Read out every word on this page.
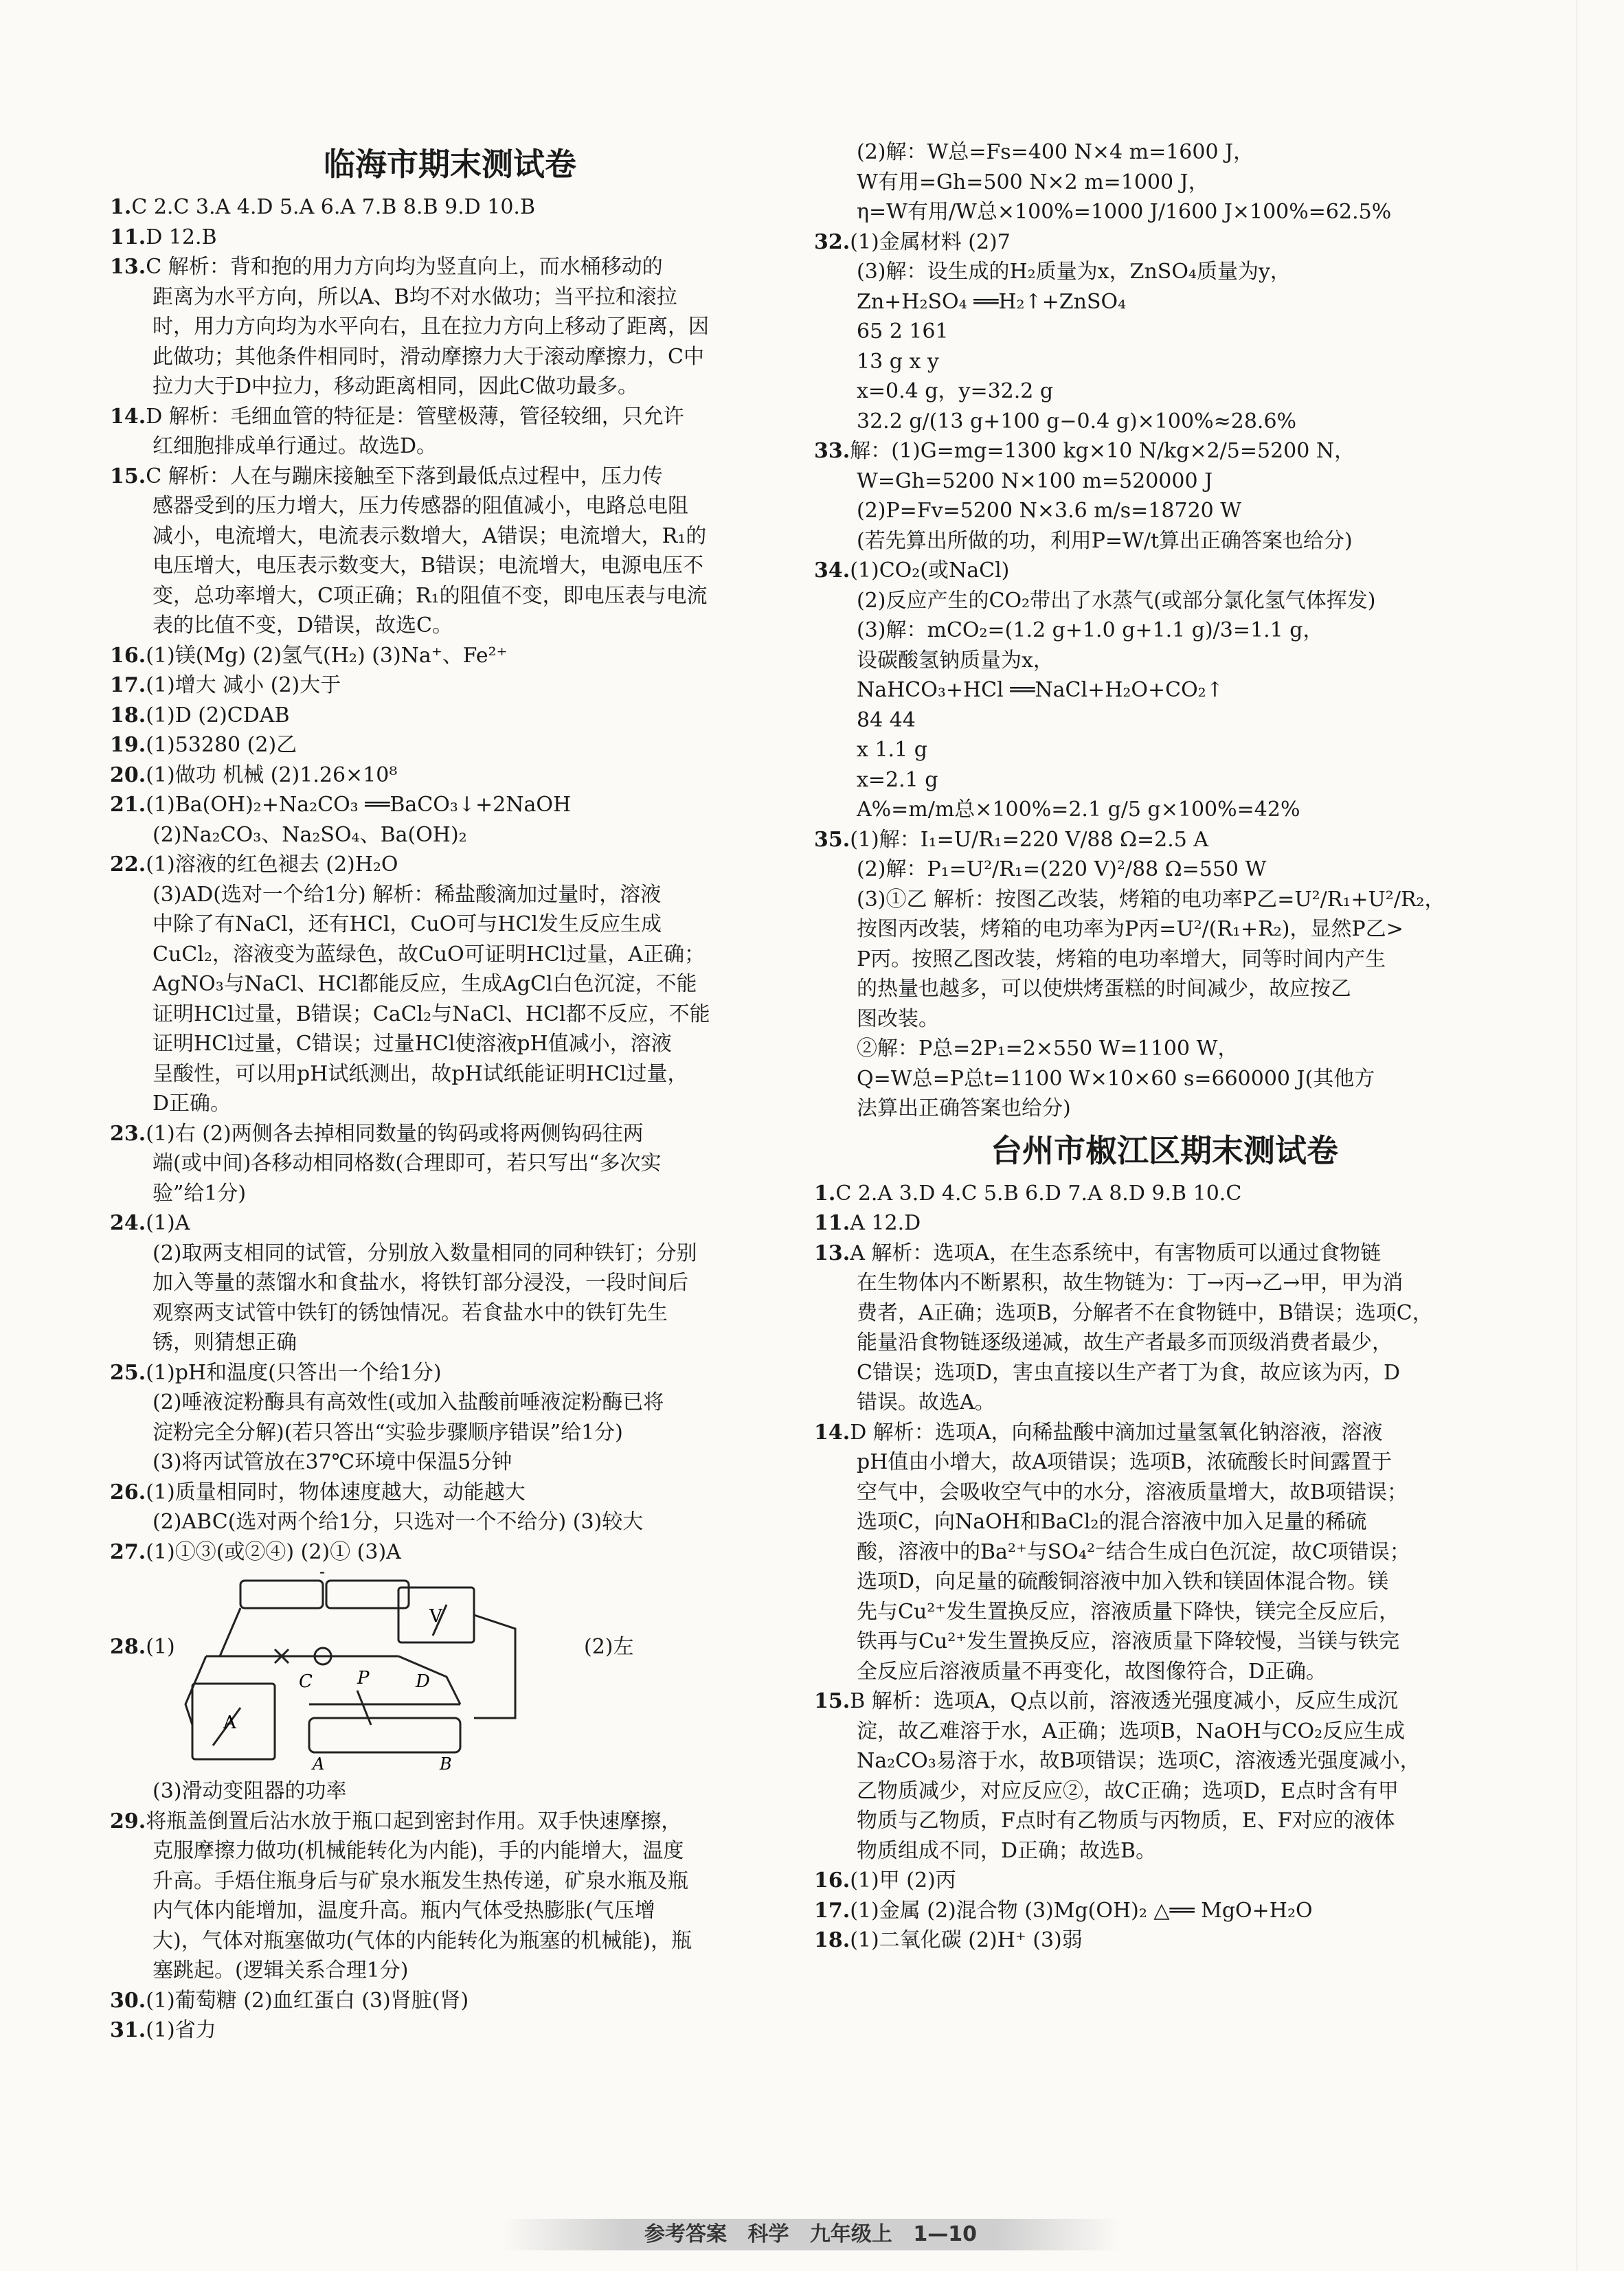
临海市期末测试卷
1.C 2.C 3.A 4.D 5.A 6.A 7.B 8.B 9.D 10.B
11.D 12.B
13.C 解析：背和抱的用力方向均为竖直向上，而水桶移动的
距离为水平方向，所以A、B均不对水做功；当平拉和滚拉
时，用力方向均为水平向右，且在拉力方向上移动了距离，因
此做功；其他条件相同时，滑动摩擦力大于滚动摩擦力，C中
拉力大于D中拉力，移动距离相同，因此C做功最多。
14.D 解析：毛细血管的特征是：管壁极薄，管径较细，只允许
红细胞排成单行通过。故选D。
15.C 解析：人在与蹦床接触至下落到最低点过程中，压力传
感器受到的压力增大，压力传感器的阻值减小，电路总电阻
减小，电流增大，电流表示数增大，A错误；电流增大，R₁的
电压增大，电压表示数变大，B错误；电流增大，电源电压不
变，总功率增大，C项正确；R₁的阻值不变，即电压表与电流
表的比值不变，D错误，故选C。
16.(1)镁(Mg) (2)氢气(H₂) (3)Na⁺、Fe²⁺
17.(1)增大 减小 (2)大于
18.(1)D (2)CDAB
19.(1)53280 (2)乙
20.(1)做功 机械 (2)1.26×10⁸
21.(1)Ba(OH)₂+Na₂CO₃ ══BaCO₃↓+2NaOH
(2)Na₂CO₃、Na₂SO₄、Ba(OH)₂
22.(1)溶液的红色褪去 (2)H₂O
(3)AD(选对一个给1分) 解析：稀盐酸滴加过量时，溶液
中除了有NaCl，还有HCl，CuO可与HCl发生反应生成
CuCl₂，溶液变为蓝绿色，故CuO可证明HCl过量，A正确；
AgNO₃与NaCl、HCl都能反应，生成AgCl白色沉淀，不能
证明HCl过量，B错误；CaCl₂与NaCl、HCl都不反应，不能
证明HCl过量，C错误；过量HCl使溶液pH值减小，溶液
呈酸性，可以用pH试纸测出，故pH试纸能证明HCl过量，
D正确。
23.(1)右 (2)两侧各去掉相同数量的钩码或将两侧钩码往两
端(或中间)各移动相同格数(合理即可，若只写出“多次实
验”给1分)
24.(1)A
(2)取两支相同的试管，分别放入数量相同的同种铁钉；分别
加入等量的蒸馏水和食盐水，将铁钉部分浸没，一段时间后
观察两支试管中铁钉的锈蚀情况。若食盐水中的铁钉先生
锈，则猜想正确
25.(1)pH和温度(只答出一个给1分)
(2)唾液淀粉酶具有高效性(或加入盐酸前唾液淀粉酶已将
淀粉完全分解)(若只答出“实验步骤顺序错误”给1分)
(3)将丙试管放在37℃环境中保温5分钟
26.(1)质量相同时，物体速度越大，动能越大
(2)ABC(选对两个给1分，只选对一个不给分) (3)较大
27.(1)①③(或②④) (2)① (3)A
28.(1)
C	P	D
A	B
V
A
-
(2)左
(3)滑动变阻器的功率
29.将瓶盖倒置后沾水放于瓶口起到密封作用。双手快速摩擦，
克服摩擦力做功(机械能转化为内能)，手的内能增大，温度
升高。手焐住瓶身后与矿泉水瓶发生热传递，矿泉水瓶及瓶
内气体内能增加，温度升高。瓶内气体受热膨胀(气压增
大)，气体对瓶塞做功(气体的内能转化为瓶塞的机械能)，瓶
塞跳起。(逻辑关系合理1分)
30.(1)葡萄糖 (2)血红蛋白 (3)肾脏(肾)
31.(1)省力
(2)解：W总=Fs=400 N×4 m=1600 J，
W有用=Gh=500 N×2 m=1000 J，
η=W有用/W总×100%=1000 J/1600 J×100%=62.5%
32.(1)金属材料 (2)7
(3)解：设生成的H₂质量为x，ZnSO₄质量为y，
Zn+H₂SO₄ ══H₂↑+ZnSO₄
65 2 161
13 g x y
x=0.4 g，y=32.2 g
32.2 g/(13 g+100 g−0.4 g)×100%≈28.6%
33.解：(1)G=mg=1300 kg×10 N/kg×2/5=5200 N，
W=Gh=5200 N×100 m=520000 J
(2)P=Fv=5200 N×3.6 m/s=18720 W
(若先算出所做的功，利用P=W/t算出正确答案也给分)
34.(1)CO₂(或NaCl)
(2)反应产生的CO₂带出了水蒸气(或部分氯化氢气体挥发)
(3)解：mCO₂=(1.2 g+1.0 g+1.1 g)/3=1.1 g，
设碳酸氢钠质量为x，
NaHCO₃+HCl ══NaCl+H₂O+CO₂↑
84 44
x 1.1 g
x=2.1 g
A%=m/m总×100%=2.1 g/5 g×100%=42%
35.(1)解：I₁=U/R₁=220 V/88 Ω=2.5 A
(2)解：P₁=U²/R₁=(220 V)²/88 Ω=550 W
(3)①乙 解析：按图乙改装，烤箱的电功率P乙=U²/R₁+U²/R₂，
按图丙改装，烤箱的电功率为P丙=U²/(R₁+R₂)，显然P乙>
P丙。按照乙图改装，烤箱的电功率增大，同等时间内产生
的热量也越多，可以使烘烤蛋糕的时间减少，故应按乙
图改装。
②解：P总=2P₁=2×550 W=1100 W，
Q=W总=P总t=1100 W×10×60 s=660000 J(其他方
法算出正确答案也给分)
台州市椒江区期末测试卷
1.C 2.A 3.D 4.C 5.B 6.D 7.A 8.D 9.B 10.C
11.A 12.D
13.A 解析：选项A，在生态系统中，有害物质可以通过食物链
在生物体内不断累积，故生物链为：丁→丙→乙→甲，甲为消
费者，A正确；选项B，分解者不在食物链中，B错误；选项C，
能量沿食物链逐级递减，故生产者最多而顶级消费者最少，
C错误；选项D，害虫直接以生产者丁为食，故应该为丙，D
错误。故选A。
14.D 解析：选项A，向稀盐酸中滴加过量氢氧化钠溶液，溶液
pH值由小增大，故A项错误；选项B，浓硫酸长时间露置于
空气中，会吸收空气中的水分，溶液质量增大，故B项错误；
选项C，向NaOH和BaCl₂的混合溶液中加入足量的稀硫
酸，溶液中的Ba²⁺与SO₄²⁻结合生成白色沉淀，故C项错误；
选项D，向足量的硫酸铜溶液中加入铁和镁固体混合物。镁
先与Cu²⁺发生置换反应，溶液质量下降快，镁完全反应后，
铁再与Cu²⁺发生置换反应，溶液质量下降较慢，当镁与铁完
全反应后溶液质量不再变化，故图像符合，D正确。
15.B 解析：选项A，Q点以前，溶液透光强度减小，反应生成沉
淀，故乙难溶于水，A正确；选项B，NaOH与CO₂反应生成
Na₂CO₃易溶于水，故B项错误；选项C，溶液透光强度减小，
乙物质减少，对应反应②，故C正确；选项D，E点时含有甲
物质与乙物质，F点时有乙物质与丙物质，E、F对应的液体
物质组成不同，D正确；故选B。
16.(1)甲 (2)丙
17.(1)金属 (2)混合物 (3)Mg(OH)₂ △══ MgO+H₂O
18.(1)二氧化碳 (2)H⁺ (3)弱
参考答案 科学 九年级上 1—10
